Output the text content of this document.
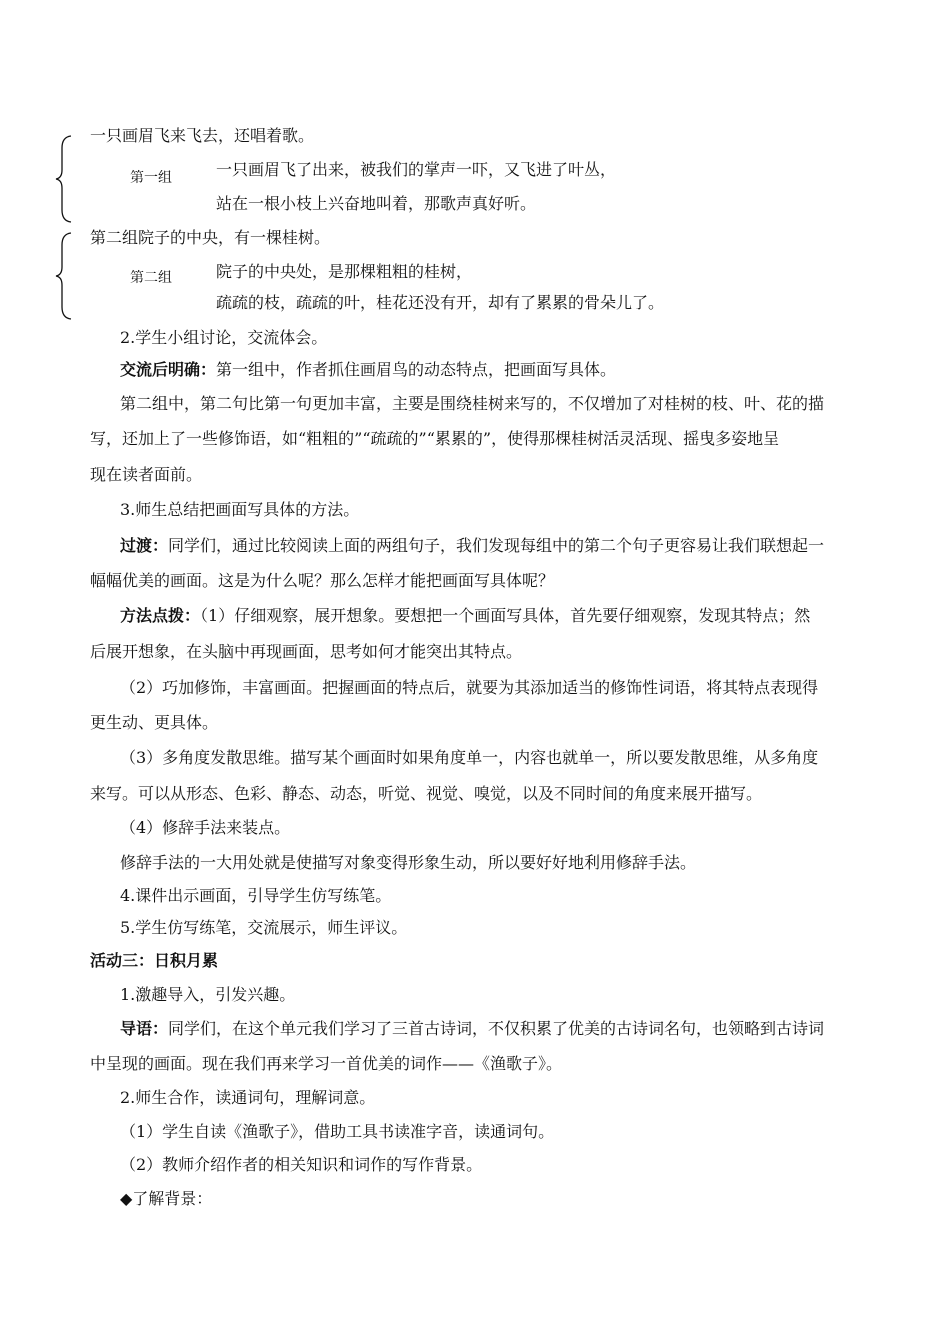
一只画眉飞来飞去，还唱着歌。
第一组	一只画眉飞了出来，被我们的掌声一吓，又飞进了叶丛，
站在一根小枝上兴奋地叫着，那歌声真好听。
第二组院子的中央，有一棵桂树。
第二组	院子的中央处，是那棵粗粗的桂树，
疏疏的枝，疏疏的叶，桂花还没有开，却有了累累的骨朵儿了。
2.学生小组讨论，交流体会。
交流后明确：第一组中，作者抓住画眉鸟的动态特点，把画面写具体。
第二组中，第二句比第一句更加丰富，主要是围绕桂树来写的，不仅增加了对桂树的枝、叶、花的描
写，还加上了一些修饰语，如“粗粗的”“疏疏的”“累累的”，使得那棵桂树活灵活现、摇曳多姿地呈
现在读者面前。
3.师生总结把画面写具体的方法。
过渡：同学们，通过比较阅读上面的两组句子，我们发现每组中的第二个句子更容易让我们联想起一
幅幅优美的画面。这是为什么呢？那么怎样才能把画面写具体呢？
方法点拨：（1）仔细观察，展开想象。要想把一个画面写具体，首先要仔细观察，发现其特点；然
后展开想象，在头脑中再现画面，思考如何才能突出其特点。
（2）巧加修饰，丰富画面。把握画面的特点后，就要为其添加适当的修饰性词语，将其特点表现得
更生动、更具体。
（3）多角度发散思维。描写某个画面时如果角度单一，内容也就单一，所以要发散思维，从多角度
来写。可以从形态、色彩、静态、动态，听觉、视觉、嗅觉，以及不同时间的角度来展开描写。
（4）修辞手法来装点。
修辞手法的一大用处就是使描写对象变得形象生动，所以要好好地利用修辞手法。
4.课件出示画面，引导学生仿写练笔。
5.学生仿写练笔，交流展示，师生评议。
活动三：日积月累
1.激趣导入，引发兴趣。
导语：同学们，在这个单元我们学习了三首古诗词，不仅积累了优美的古诗词名句，也领略到古诗词
中呈现的画面。现在我们再来学习一首优美的词作——《渔歌子》。
2.师生合作，读通词句，理解词意。
（1）学生自读《渔歌子》，借助工具书读准字音，读通词句。
（2）教师介绍作者的相关知识和词作的写作背景。
◆了解背景：
